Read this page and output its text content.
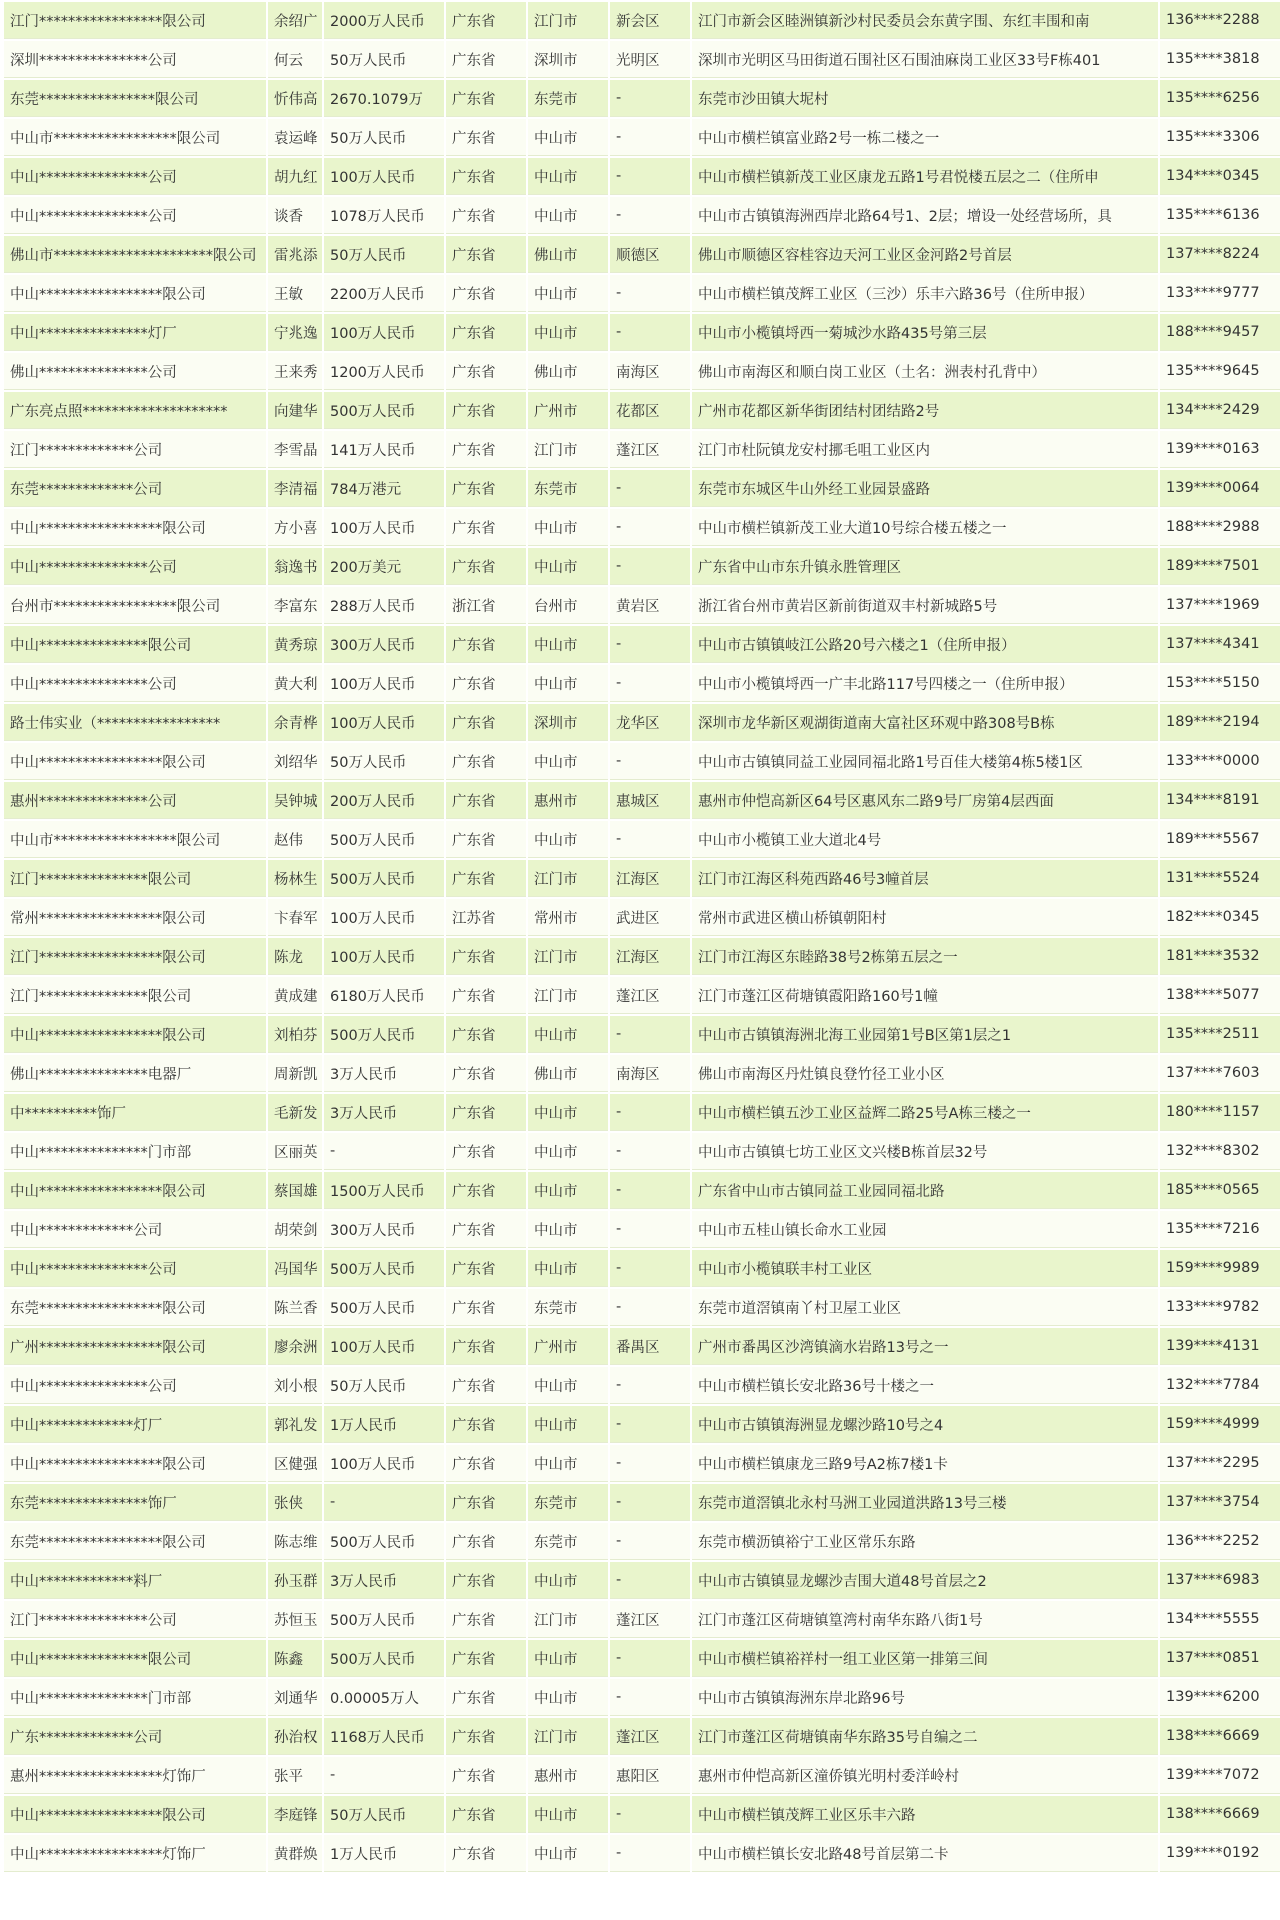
江门*****************限公司	余绍广	2000万人民币	广东省	江门市	新会区	江门市新会区睦洲镇新沙村民委员会东黄字围、东红丰围和南	136****2288
深圳***************公司	何云	50万人民币	广东省	深圳市	光明区	深圳市光明区马田街道石围社区石围油麻岗工业区33号F栋401	135****3818
东莞****************限公司	忻伟高	2670.1079万	广东省	东莞市	-	东莞市沙田镇大坭村	135****6256
中山市*****************限公司	袁运峰	50万人民币	广东省	中山市	-	中山市横栏镇富业路2号一栋二楼之一	135****3306
中山***************公司	胡九红	100万人民币	广东省	中山市	-	中山市横栏镇新茂工业区康龙五路1号君悦楼五层之二（住所申	134****0345
中山***************公司	谈香	1078万人民币	广东省	中山市	-	中山市古镇镇海洲西岸北路64号1、2层；增设一处经营场所，具	135****6136
佛山市**********************限公司	雷兆添	50万人民币	广东省	佛山市	顺德区	佛山市顺德区容桂容边天河工业区金河路2号首层	137****8224
中山*****************限公司	王敏	2200万人民币	广东省	中山市	-	中山市横栏镇茂辉工业区（三沙）乐丰六路36号（住所申报）	133****9777
中山***************灯厂	宁兆逸	100万人民币	广东省	中山市	-	中山市小榄镇埒西一菊城沙水路435号第三层	188****9457
佛山***************公司	王来秀	1200万人民币	广东省	佛山市	南海区	佛山市南海区和顺白岗工业区（土名：洲表村孔背中）	135****9645
广东亮点照********************	向建华	500万人民币	广东省	广州市	花都区	广州市花都区新华街团结村团结路2号	134****2429
江门*************公司	李雪晶	141万人民币	广东省	江门市	蓬江区	江门市杜阮镇龙安村挪毛咀工业区内	139****0163
东莞*************公司	李清福	784万港元	广东省	东莞市	-	东莞市东城区牛山外经工业园景盛路	139****0064
中山*****************限公司	方小喜	100万人民币	广东省	中山市	-	中山市横栏镇新茂工业大道10号综合楼五楼之一	188****2988
中山***************公司	翁逸书	200万美元	广东省	中山市	-	广东省中山市东升镇永胜管理区	189****7501
台州市*****************限公司	李富东	288万人民币	浙江省	台州市	黄岩区	浙江省台州市黄岩区新前街道双丰村新城路5号	137****1969
中山***************限公司	黄秀琼	300万人民币	广东省	中山市	-	中山市古镇镇岐江公路20号六楼之1（住所申报）	137****4341
中山***************公司	黄大利	100万人民币	广东省	中山市	-	中山市小榄镇埒西一广丰北路117号四楼之一（住所申报）	153****5150
路士伟实业（*****************	余青桦	100万人民币	广东省	深圳市	龙华区	深圳市龙华新区观湖街道南大富社区环观中路308号B栋	189****2194
中山*****************限公司	刘绍华	50万人民币	广东省	中山市	-	中山市古镇镇同益工业园同福北路1号百佳大楼第4栋5楼1区	133****0000
惠州***************公司	吴钟城	200万人民币	广东省	惠州市	惠城区	惠州市仲恺高新区64号区惠风东二路9号厂房第4层西面	134****8191
中山市*****************限公司	赵伟	500万人民币	广东省	中山市	-	中山市小榄镇工业大道北4号	189****5567
江门***************限公司	杨林生	500万人民币	广东省	江门市	江海区	江门市江海区科苑西路46号3幢首层	131****5524
常州*****************限公司	卞春军	100万人民币	江苏省	常州市	武进区	常州市武进区横山桥镇朝阳村	182****0345
江门*****************限公司	陈龙	100万人民币	广东省	江门市	江海区	江门市江海区东睦路38号2栋第五层之一	181****3532
江门***************限公司	黄成建	6180万人民币	广东省	江门市	蓬江区	江门市蓬江区荷塘镇霞阳路160号1幢	138****5077
中山*****************限公司	刘柏芬	500万人民币	广东省	中山市	-	中山市古镇镇海洲北海工业园第1号B区第1层之1	135****2511
佛山***************电器厂	周新凯	3万人民币	广东省	佛山市	南海区	佛山市南海区丹灶镇良登竹径工业小区	137****7603
中**********饰厂	毛新发	3万人民币	广东省	中山市	-	中山市横栏镇五沙工业区益辉二路25号A栋三楼之一	180****1157
中山***************门市部	区丽英	-	广东省	中山市	-	中山市古镇镇七坊工业区文兴楼B栋首层32号	132****8302
中山*****************限公司	蔡国雄	1500万人民币	广东省	中山市	-	广东省中山市古镇同益工业园同福北路	185****0565
中山*************公司	胡荣剑	300万人民币	广东省	中山市	-	中山市五桂山镇长命水工业园	135****7216
中山***************公司	冯国华	500万人民币	广东省	中山市	-	中山市小榄镇联丰村工业区	159****9989
东莞*****************限公司	陈兰香	500万人民币	广东省	东莞市	-	东莞市道滘镇南丫村卫屋工业区	133****9782
广州*****************限公司	廖余洲	100万人民币	广东省	广州市	番禺区	广州市番禺区沙湾镇滴水岩路13号之一	139****4131
中山***************公司	刘小根	50万人民币	广东省	中山市	-	中山市横栏镇长安北路36号十楼之一	132****7784
中山*************灯厂	郭礼发	1万人民币	广东省	中山市	-	中山市古镇镇海洲显龙螺沙路10号之4	159****4999
中山*****************限公司	区健强	100万人民币	广东省	中山市	-	中山市横栏镇康龙三路9号A2栋7楼1卡	137****2295
东莞***************饰厂	张侠	-	广东省	东莞市	-	东莞市道滘镇北永村马洲工业园道洪路13号三楼	137****3754
东莞*****************限公司	陈志维	500万人民币	广东省	东莞市	-	东莞市横沥镇裕宁工业区常乐东路	136****2252
中山*************料厂	孙玉群	3万人民币	广东省	中山市	-	中山市古镇镇显龙螺沙吉围大道48号首层之2	137****6983
江门***************公司	苏恒玉	500万人民币	广东省	江门市	蓬江区	江门市蓬江区荷塘镇篁湾村南华东路八街1号	134****5555
中山***************限公司	陈鑫	500万人民币	广东省	中山市	-	中山市横栏镇裕祥村一组工业区第一排第三间	137****0851
中山***************门市部	刘通华	0.00005万人	广东省	中山市	-	中山市古镇镇海洲东岸北路96号	139****6200
广东*************公司	孙治权	1168万人民币	广东省	江门市	蓬江区	江门市蓬江区荷塘镇南华东路35号自编之二	138****6669
惠州*****************灯饰厂	张平	-	广东省	惠州市	惠阳区	惠州市仲恺高新区潼侨镇光明村委洋岭村	139****7072
中山*****************限公司	李庭锋	50万人民币	广东省	中山市	-	中山市横栏镇茂辉工业区乐丰六路	138****6669
中山*****************灯饰厂	黄群焕	1万人民币	广东省	中山市	-	中山市横栏镇长安北路48号首层第二卡	139****0192
